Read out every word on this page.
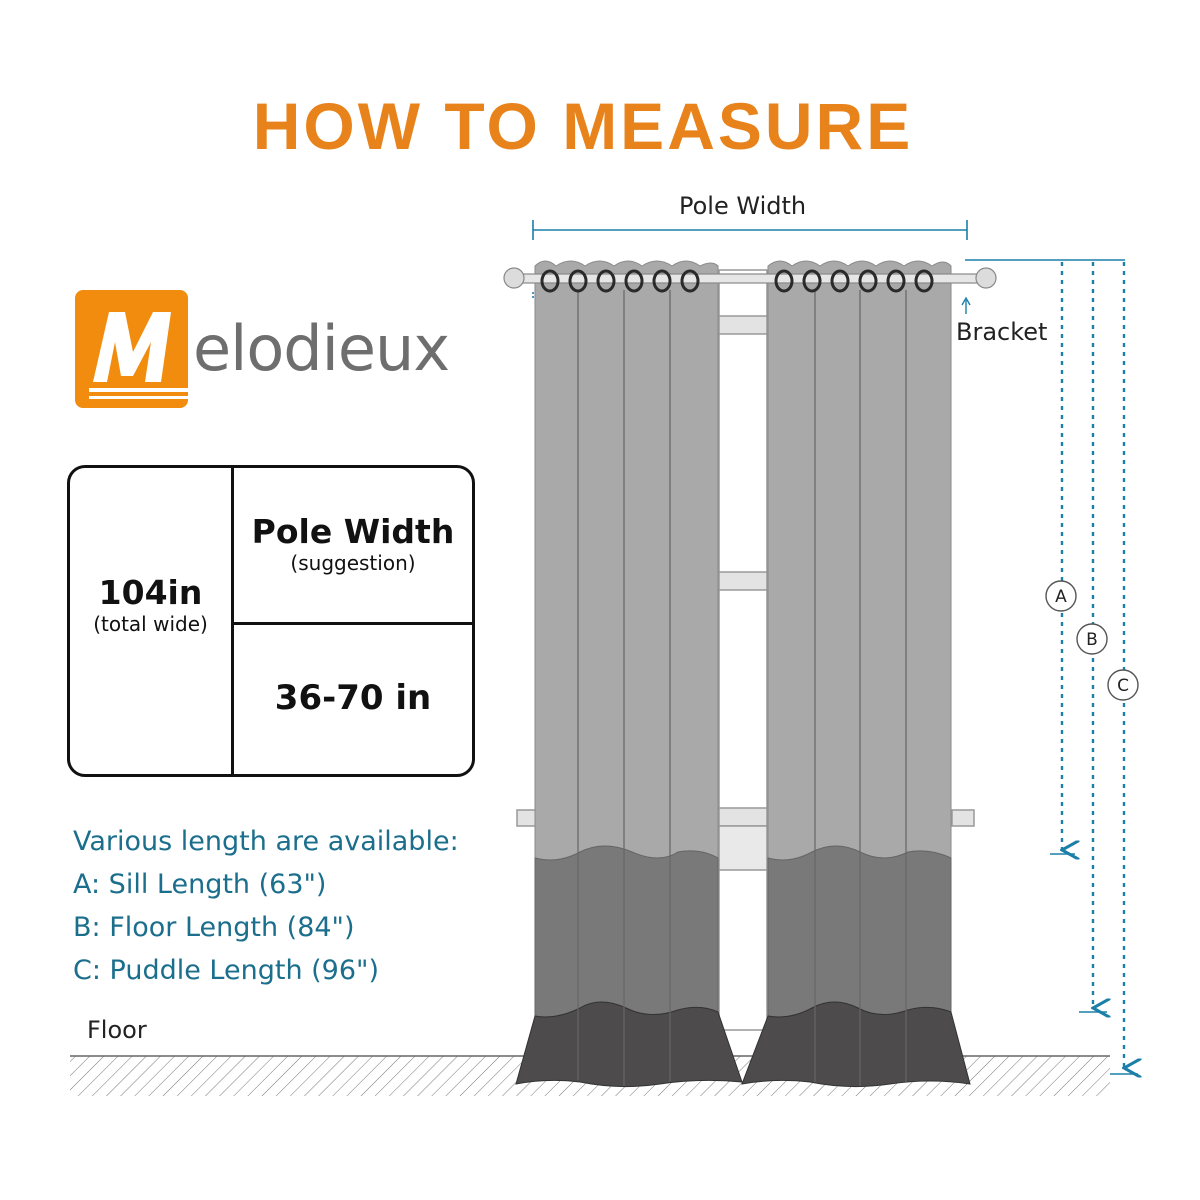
HOW TO MEASURE
elodieux
104in
(total wide)
Pole Width
(suggestion)
36-70 in
Various length are available:
A: Sill Length (63")
B: Floor Length (84")
C: Puddle Length (96")
A
B
C
Pole Width
Bracket
Floor
